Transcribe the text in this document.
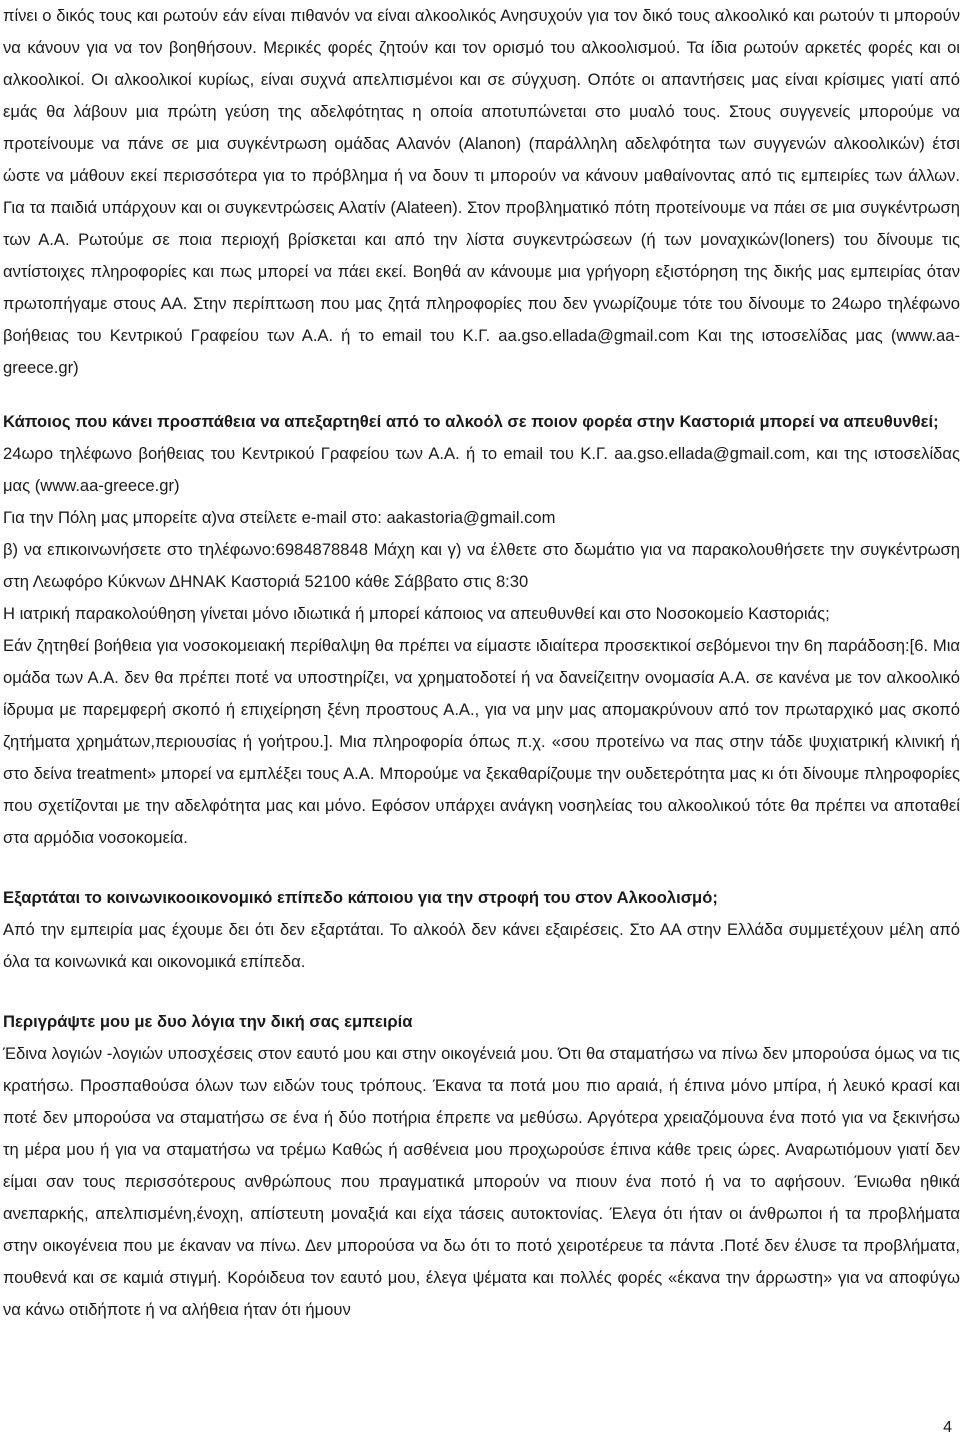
πίνει ο δικός τους και ρωτούν εάν είναι πιθανόν να είναι αλκοολικός Ανησυχούν για τον δικό τους αλκοολικό και ρωτούν τι μπορούν να κάνουν για να τον βοηθήσουν. Μερικές φορές ζητούν και τον ορισμό του αλκοολισμού. Τα ίδια ρωτούν αρκετές φορές και οι αλκοολικοί. Οι αλκοολικοί κυρίως, είναι συχνά απελπισμένοι και σε σύγχυση. Οπότε οι απαντήσεις μας είναι κρίσιμες γιατί από εμάς θα λάβουν μια πρώτη γεύση της αδελφότητας η οποία αποτυπώνεται στο μυαλό τους. Στους συγγενείς μπορούμε να προτείνουμε να πάνε σε μια συγκέντρωση ομάδας Αλανόν (Alanon) (παράλληλη αδελφότητα των συγγενών αλκοολικών) έτσι ώστε να μάθουν εκεί περισσότερα για το πρόβλημα ή να δουν τι μπορούν να κάνουν μαθαίνοντας από τις εμπειρίες των άλλων. Για τα παιδιά υπάρχουν και οι συγκεντρώσεις Αλατίν (Alateen). Στον προβληματικό πότη προτείνουμε να πάει σε μια συγκέντρωση των Α.Α. Ρωτούμε σε ποια περιοχή βρίσκεται και από την λίστα συγκεντρώσεων (ή των μοναχικών(loners) του δίνουμε τις αντίστοιχες πληροφορίες και πως μπορεί να πάει εκεί. Βοηθά αν κάνουμε μια γρήγορη εξιστόρηση της δικής μας εμπειρίας όταν πρωτοπήγαμε στους ΑΑ. Στην περίπτωση που μας ζητά πληροφορίες που δεν γνωρίζουμε τότε του δίνουμε το 24ωρο τηλέφωνο βοήθειας του Κεντρικού Γραφείου των Α.Α. ή το email του Κ.Γ. aa.gso.ellada@gmail.com Και της ιστοσελίδας μας (www.aa-greece.gr)

Κάποιος που κάνει προσπάθεια να απεξαρτηθεί από το αλκοόλ σε ποιον φορέα στην Καστοριά μπορεί να απευθυνθεί;

24ωρο τηλέφωνο βοήθειας του Κεντρικού Γραφείου των Α.Α. ή το email του Κ.Γ. aa.gso.ellada@gmail.com, και της ιστοσελίδας μας (www.aa-greece.gr)

Για την Πόλη μας μπορείτε α)να στείλετε e-mail στο: aakastoria@gmail.com

β) να επικοινωνήσετε στο τηλέφωνο:6984878848 Μάχη και γ) να έλθετε στο δωμάτιο για να παρακολουθήσετε την συγκέντρωση στη Λεωφόρο Κύκνων ΔΗΝΑΚ Καστοριά 52100 κάθε Σάββατο στις 8:30

Η ιατρική παρακολούθηση γίνεται μόνο ιδιωτικά ή μπορεί κάποιος να απευθυνθεί και στο Νοσοκομείο Καστοριάς;

Εάν ζητηθεί βοήθεια για νοσοκομειακή περίθαλψη θα πρέπει να είμαστε ιδιαίτερα προσεκτικοί σεβόμενοι την 6η παράδοση:[6. Μια ομάδα των Α.Α. δεν θα πρέπει ποτέ να υποστηρίζει, να χρηματοδοτεί ή να δανείζειτην ονομασία Α.Α. σε κανένα με τον αλκοολικό ίδρυμα με παρεμφερή σκοπό ή επιχείρηση ξένη προστους Α.Α., για να μην μας απομακρύνουν από τον πρωταρχικό μας σκοπό ζητήματα χρημάτων,περιουσίας ή γοήτρου.]. Μια πληροφορία όπως π.χ. «σου προτείνω να πας στην τάδε ψυχιατρική κλινική ή στο δείνα treatment» μπορεί να εμπλέξει τους Α.Α. Μπορούμε να ξεκαθαρίζουμε την ουδετερότητα μας κι ότι δίνουμε πληροφορίες που σχετίζονται με την αδελφότητα μας και μόνο. Εφόσον υπάρχει ανάγκη νοσηλείας του αλκοολικού τότε θα πρέπει να αποταθεί στα αρμόδια νοσοκομεία.

Εξαρτάται το κοινωνικοοικονομικό επίπεδο κάποιου για την στροφή του στον Αλκοολισμό;

Από την εμπειρία μας έχουμε δει ότι δεν εξαρτάται. Το αλκοόλ δεν κάνει εξαιρέσεις. Στο ΑΑ στην Ελλάδα συμμετέχουν μέλη από όλα τα κοινωνικά και οικονομικά επίπεδα.

Περιγράψτε μου με δυο λόγια την δική σας εμπειρία

Έδινα λογιών -λογιών υποσχέσεις στον εαυτό μου και στην οικογένειά μου. Ότι θα σταματήσω να πίνω δεν μπορούσα όμως να τις κρατήσω. Προσπαθούσα όλων των ειδών τους τρόπους. Έκανα τα ποτά μου πιο αραιά, ή έπινα μόνο μπίρα, ή λευκό κρασί και ποτέ δεν μπορούσα να σταματήσω σε ένα ή δύο ποτήρια έπρεπε να μεθύσω. Αργότερα χρειαζόμουνα ένα ποτό για να ξεκινήσω τη μέρα μου ή για να σταματήσω να τρέμω Καθώς ή ασθένεια μου προχωρούσε έπινα κάθε τρεις ώρες. Αναρωτιόμουν γιατί δεν είμαι σαν τους περισσότερους ανθρώπους που πραγματικά μπορούν να πιουν ένα ποτό ή να το αφήσουν. Ένιωθα ηθικά ανεπαρκής, απελπισμένη,ένοχη, απίστευτη μοναξιά και είχα τάσεις αυτοκτονίας. Έλεγα ότι ήταν οι άνθρωποι ή τα προβλήματα στην οικογένεια που με έκαναν να πίνω. Δεν μπορούσα να δω ότι το ποτό χειροτέρευε τα πάντα .Ποτέ δεν έλυσε τα προβλήματα, πουθενά και σε καμιά στιγμή. Κορόιδευα τον εαυτό μου, έλεγα ψέματα και πολλές φορές «έκανα την άρρωστη» για να αποφύγω να κάνω οτιδήποτε ή να αλήθεια ήταν ότι ήμουν

4
